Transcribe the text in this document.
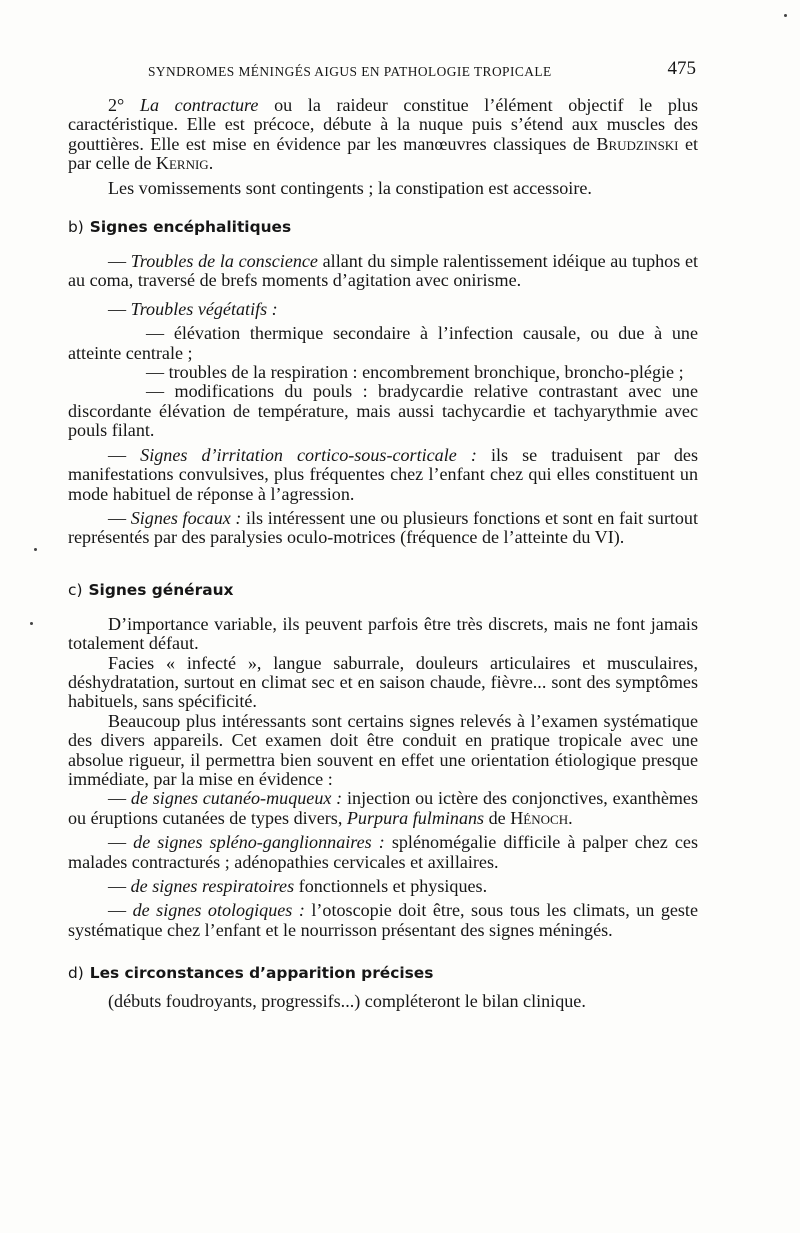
SYNDROMES MÉNINGÉS AIGUS EN PATHOLOGIE TROPICALE	475

2° La contracture ou la raideur constitue l’élément objectif le plus caractéristique. Elle est précoce, débute à la nuque puis s’étend aux muscles des gouttières. Elle est mise en évidence par les manœuvres classiques de Brudzinski et par celle de Kernig.

Les vomissements sont contingents ; la constipation est accessoire.

b) Signes encéphalitiques

— Troubles de la conscience allant du simple ralentissement idéique au tuphos et au coma, traversé de brefs moments d’agitation avec onirisme.

— Troubles végétatifs :

— élévation thermique secondaire à l’infection causale, ou due à une atteinte centrale ;

— troubles de la respiration : encombrement bronchique, broncho-plégie ;

— modifications du pouls : bradycardie relative contrastant avec une discordante élévation de température, mais aussi tachycardie et tachyarythmie avec pouls filant.

— Signes d’irritation cortico-sous-corticale : ils se traduisent par des manifestations convulsives, plus fréquentes chez l’enfant chez qui elles constituent un mode habituel de réponse à l’agression.

— Signes focaux : ils intéressent une ou plusieurs fonctions et sont en fait surtout représentés par des paralysies oculo-motrices (fréquence de l’atteinte du VI).

c) Signes généraux

D’importance variable, ils peuvent parfois être très discrets, mais ne font jamais totalement défaut.

Facies « infecté », langue saburrale, douleurs articulaires et musculaires, déshydratation, surtout en climat sec et en saison chaude, fièvre... sont des symptômes habituels, sans spécificité.

Beaucoup plus intéressants sont certains signes relevés à l’examen systématique des divers appareils. Cet examen doit être conduit en pratique tropicale avec une absolue rigueur, il permettra bien souvent en effet une orientation étiologique presque immédiate, par la mise en évidence :

— de signes cutanéo-muqueux : injection ou ictère des conjonctives, exanthèmes ou éruptions cutanées de types divers, Purpura fulminans de Hénoch.

— de signes spléno-ganglionnaires : splénomégalie difficile à palper chez ces malades contracturés ; adénopathies cervicales et axillaires.

— de signes respiratoires fonctionnels et physiques.

— de signes otologiques : l’otoscopie doit être, sous tous les climats, un geste systématique chez l’enfant et le nourrisson présentant des signes méningés.

d) Les circonstances d’apparition précises

(débuts foudroyants, progressifs...) compléteront le bilan clinique.
